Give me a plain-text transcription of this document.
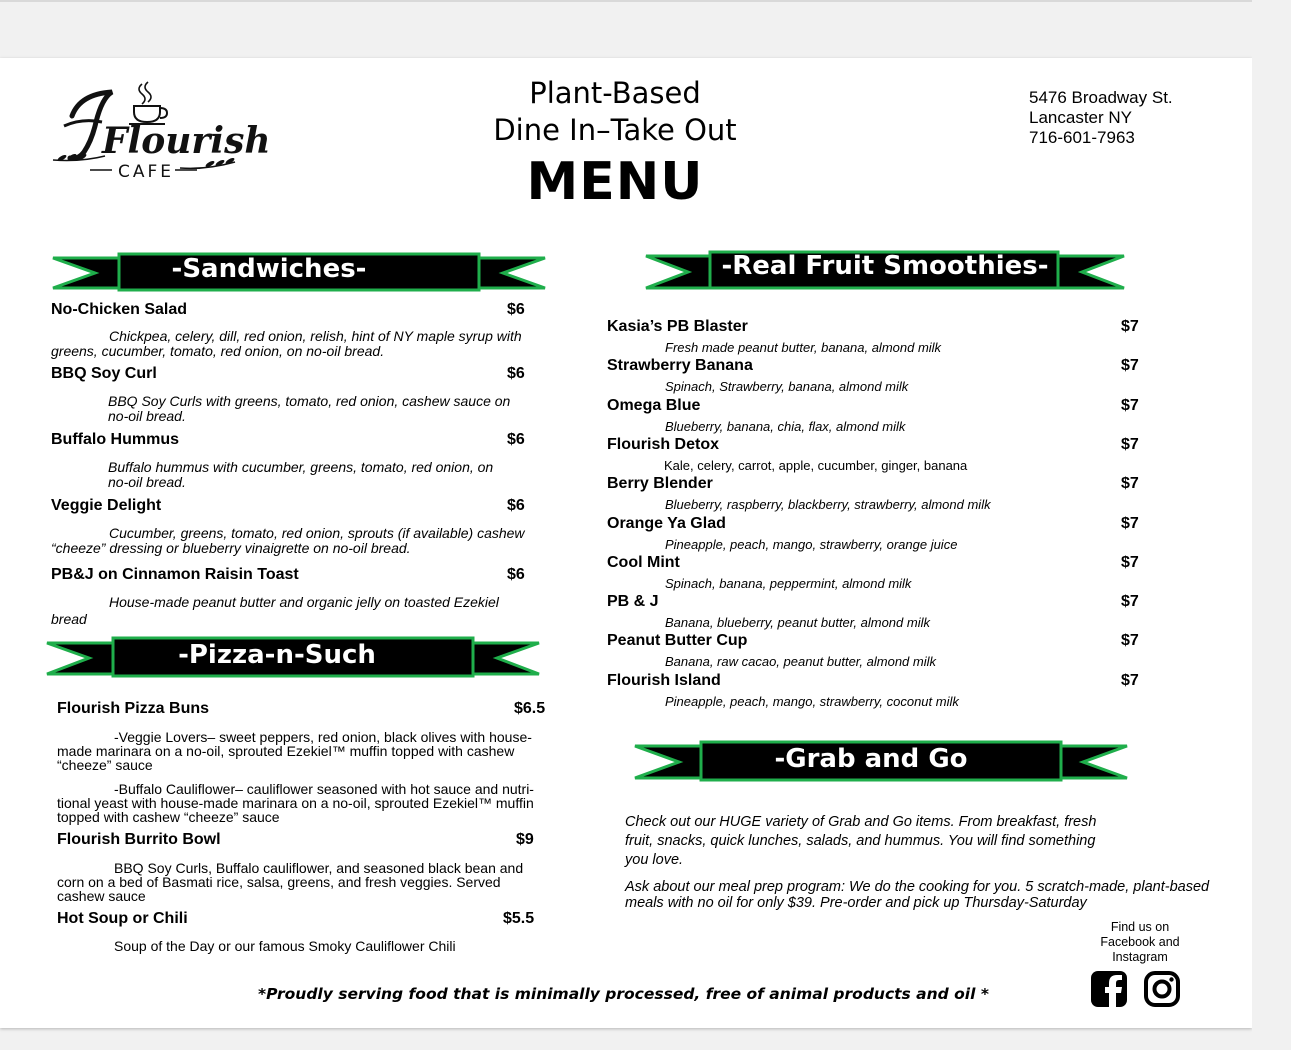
Flourish
CAFE
Plant-Based
Dine In–Take Out
MENU
5476 Broadway St.
Lancaster NY
716-601-7963
-Sandwiches-
No-Chicken Salad	$6
Chickpea, celery, dill, red onion, relish, hint of NY maple syrup with
greens, cucumber, tomato, red onion, on no-oil bread.
BBQ Soy Curl	$6
BBQ Soy Curls with greens, tomato, red onion, cashew sauce on
no-oil bread.
Buffalo Hummus	$6
Buffalo hummus with cucumber, greens, tomato, red onion, on
no-oil bread.
Veggie Delight	$6
Cucumber, greens, tomato, red onion, sprouts (if available) cashew
“cheeze” dressing or blueberry vinaigrette on no-oil bread.
PB&J on Cinnamon Raisin Toast	$6
House-made peanut butter and organic jelly on toasted Ezekiel
bread
-Pizza-n-Such
Flourish Pizza Buns	$6.5
-Veggie Lovers– sweet peppers, red onion, black olives with house-
made marinara on a no-oil, sprouted Ezekiel™ muffin topped with cashew
“cheeze” sauce
-Buffalo Cauliflower– cauliflower seasoned with hot sauce and nutri-
tional yeast with house-made marinara on a no-oil, sprouted Ezekiel™ muffin
topped with cashew “cheeze” sauce
Flourish Burrito Bowl	$9
BBQ Soy Curls, Buffalo cauliflower, and seasoned black bean and
corn on a bed of Basmati rice, salsa, greens, and fresh veggies. Served
cashew sauce
Hot Soup or Chili	$5.5
Soup of the Day or our famous Smoky Cauliflower Chili
-Real Fruit Smoothies-
Kasia’s PB Blaster	$7
Fresh made peanut butter, banana, almond milk
Strawberry Banana	$7
Spinach, Strawberry, banana, almond milk
Omega Blue	$7
Blueberry, banana, chia, flax, almond milk
Flourish Detox	$7
Kale, celery, carrot, apple, cucumber, ginger, banana
Berry Blender	$7
Blueberry, raspberry, blackberry, strawberry, almond milk
Orange Ya Glad	$7
Pineapple, peach, mango, strawberry, orange juice
Cool Mint	$7
Spinach, banana, peppermint, almond milk
PB & J	$7
Banana, blueberry, peanut butter, almond milk
Peanut Butter Cup	$7
Banana, raw cacao, peanut butter, almond milk
Flourish Island	$7
Pineapple, peach, mango, strawberry, coconut milk
-Grab and Go
Check out our HUGE variety of Grab and Go items. From breakfast, fresh
fruit, snacks, quick lunches, salads, and hummus. You will find something
you love.
Ask about our meal prep program: We do the cooking for you. 5 scratch-made, plant-based
meals with no oil for only $39. Pre-order and pick up Thursday-Saturday
Find us on
Facebook and
Instagram
*Proudly serving food that is minimally processed, free of animal products and oil *
